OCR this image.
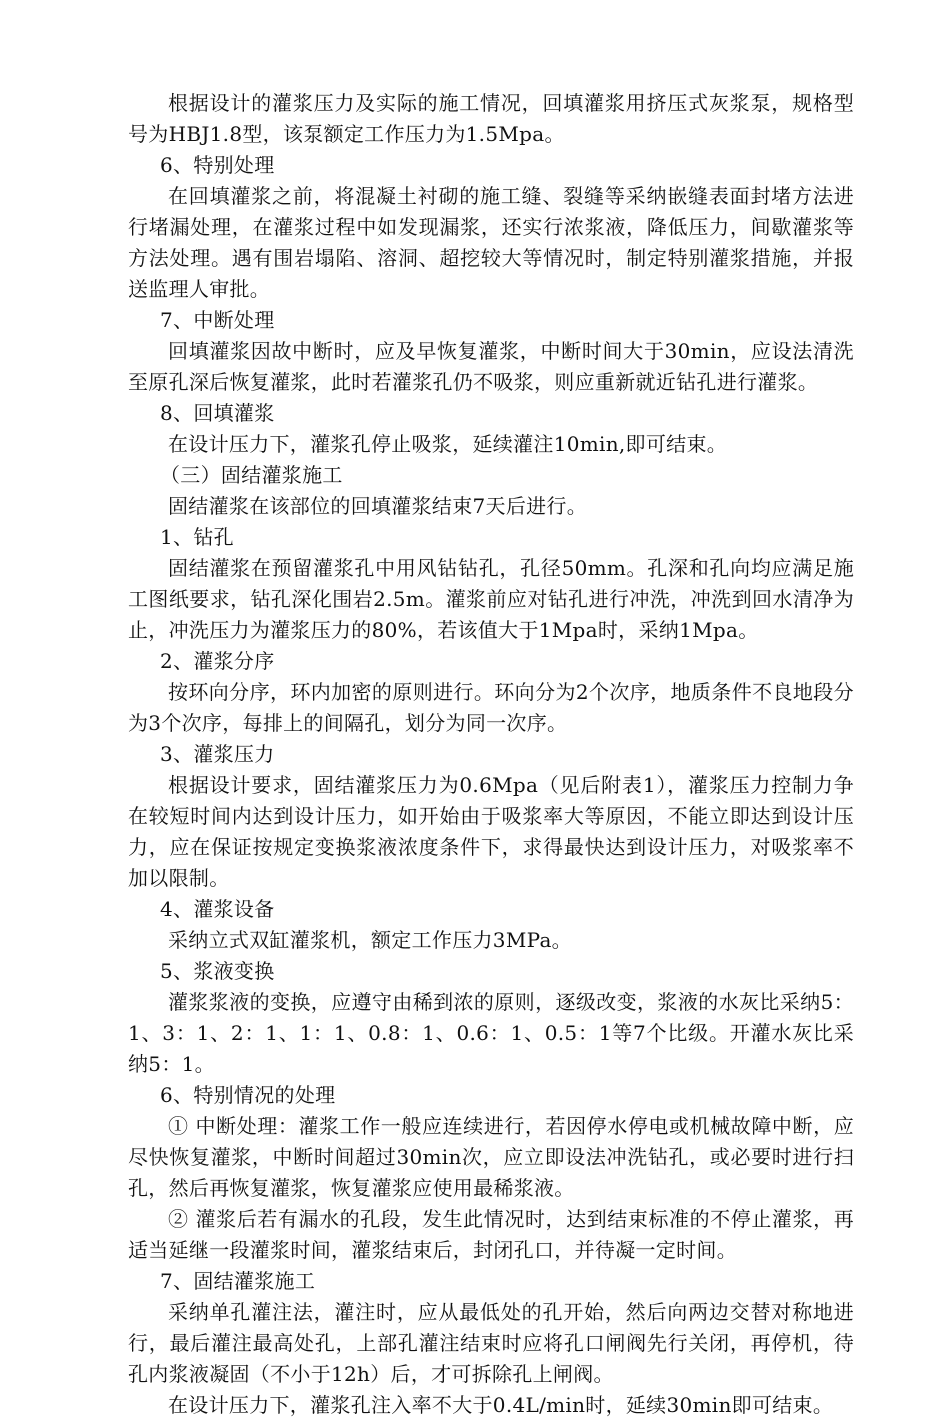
根据设计的灌浆压力及实际的施工情况，回填灌浆用挤压式灰浆泵，规格型号为HBJ1.8型，该泵额定工作压力为1.5Mpa。

6、特别处理

在回填灌浆之前，将混凝土衬砌的施工缝、裂缝等采纳嵌缝表面封堵方法进行堵漏处理，在灌浆过程中如发现漏浆，还实行浓浆液，降低压力，间歇灌浆等方法处理。遇有围岩塌陷、溶洞、超挖较大等情况时，制定特别灌浆措施，并报送监理人审批。

7、中断处理

回填灌浆因故中断时，应及早恢复灌浆，中断时间大于30min，应设法清洗至原孔深后恢复灌浆，此时若灌浆孔仍不吸浆，则应重新就近钻孔进行灌浆。

8、回填灌浆

在设计压力下，灌浆孔停止吸浆，延续灌注10min,即可结束。

（三）固结灌浆施工

固结灌浆在该部位的回填灌浆结束7天后进行。

1、钻孔

固结灌浆在预留灌浆孔中用风钻钻孔，孔径50mm。孔深和孔向均应满足施工图纸要求，钻孔深化围岩2.5m。灌浆前应对钻孔进行冲洗，冲洗到回水清净为止，冲洗压力为灌浆压力的80%，若该值大于1Mpa时，采纳1Mpa。

2、灌浆分序

按环向分序，环内加密的原则进行。环向分为2个次序，地质条件不良地段分为3个次序，每排上的间隔孔，划分为同一次序。

3、灌浆压力

根据设计要求，固结灌浆压力为0.6Mpa（见后附表1），灌浆压力控制力争在较短时间内达到设计压力，如开始由于吸浆率大等原因，不能立即达到设计压力，应在保证按规定变换浆液浓度条件下，求得最快达到设计压力，对吸浆率不加以限制。

4、灌浆设备

采纳立式双缸灌浆机，额定工作压力3MPa。

5、浆液变换

灌浆浆液的变换，应遵守由稀到浓的原则，逐级改变，浆液的水灰比采纳5：1、3：1、2：1、1：1、0.8：1、0.6：1、0.5：1等7个比级。开灌水灰比采纳5：1。

6、特别情况的处理

① 中断处理：灌浆工作一般应连续进行，若因停水停电或机械故障中断，应尽快恢复灌浆，中断时间超过30min次，应立即设法冲洗钻孔，或必要时进行扫孔，然后再恢复灌浆，恢复灌浆应使用最稀浆液。

② 灌浆后若有漏水的孔段，发生此情况时，达到结束标准的不停止灌浆，再适当延继一段灌浆时间，灌浆结束后，封闭孔口，并待凝一定时间。

7、固结灌浆施工

采纳单孔灌注法，灌注时，应从最低处的孔开始，然后向两边交替对称地进行，最后灌注最高处孔，上部孔灌注结束时应将孔口闸阀先行关闭，再停机，待孔内浆液凝固（不小于12h）后，才可拆除孔上闸阀。

在设计压力下，灌浆孔注入率不大于0.4L/min时，延续30min即可结束。
